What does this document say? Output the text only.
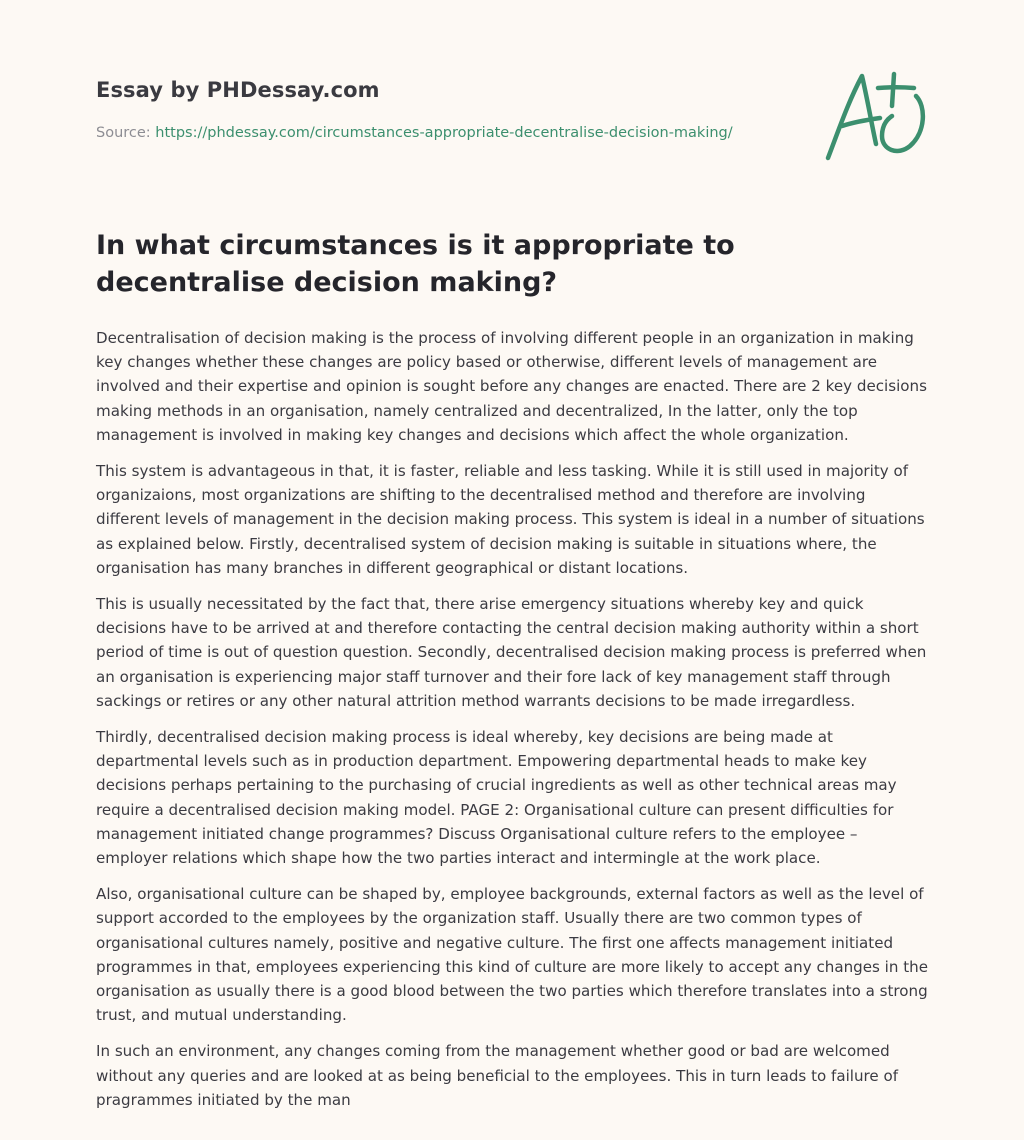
Essay by PHDessay.com
Source: https://phdessay.com/circumstances-appropriate-decentralise-decision-making/
In what circumstances is it appropriate to decentralise decision making?

Decentralisation of decision making is the process of involving different people in an organization in making key changes whether these changes are policy based or otherwise, different levels of management are involved and their expertise and opinion is sought before any changes are enacted. There are 2 key decisions making methods in an organisation, namely centralized and decentralized, In the latter, only the top management is involved in making key changes and decisions which affect the whole organization.

This system is advantageous in that, it is faster, reliable and less tasking. While it is still used in majority of organizaions, most organizations are shifting to the decentralised method and therefore are involving different levels of management in the decision making process. This system is ideal in a number of situations as explained below. Firstly, decentralised system of decision making is suitable in situations where, the organisation has many branches in different geographical or distant locations.

This is usually necessitated by the fact that, there arise emergency situations whereby key and quick decisions have to be arrived at and therefore contacting the central decision making authority within a short period of time is out of question question. Secondly, decentralised decision making process is preferred when an organisation is experiencing major staff turnover and their fore lack of key management staff through sackings or retires or any other natural attrition method warrants decisions to be made irregardless.

Thirdly, decentralised decision making process is ideal whereby, key decisions are being made at departmental levels such as in production department. Empowering departmental heads to make key decisions perhaps pertaining to the purchasing of crucial ingredients as well as other technical areas may require a decentralised decision making model. PAGE 2: Organisational culture can present difficulties for management initiated change programmes? Discuss Organisational culture refers to the employee – employer relations which shape how the two parties interact and intermingle at the work place.

Also, organisational culture can be shaped by, employee backgrounds, external factors as well as the level of support accorded to the employees by the organization staff. Usually there are two common types of organisational cultures namely, positive and negative culture. The first one affects management initiated programmes in that, employees experiencing this kind of culture are more likely to accept any changes in the organisation as usually there is a good blood between the two parties which therefore translates into a strong trust, and mutual understanding.

In such an environment, any changes coming from the management whether good or bad are welcomed without any queries and are looked at as being beneficial to the employees. This in turn leads to failure of pragrammes initiated by the man
